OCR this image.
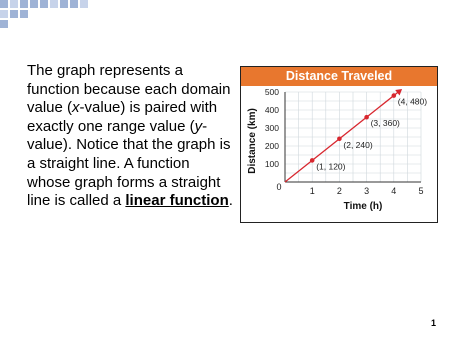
The graph represents a function because each domain value (x-value) is paired with exactly one range value (y-value). Notice that the graph is a straight line. A function whose graph forms a straight line is called a linear function.
Distance Traveled
100
200
300
400
500
0	1 2 3 4 5
(1, 120)
(2, 240)
(3, 360)
(4, 480)
Time (h)
Distance (km)
1
